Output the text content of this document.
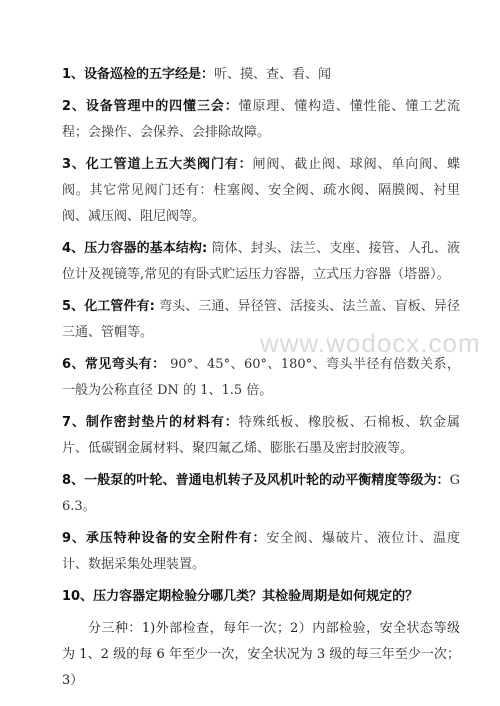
1、设备巡检的五字经是：听、摸、查、看、闻

2、设备管理中的四懂三会：懂原理、懂构造、懂性能、懂工艺流程；会操作、会保养、会排除故障。

3、化工管道上五大类阀门有：闸阀、截止阀、球阀、单向阀、蝶阀。其它常见阀门还有：柱塞阀、安全阀、疏水阀、隔膜阀、衬里阀、减压阀、阻尼阀等。

4、压力容器的基本结构: 筒体、封头、法兰、支座、接管、人孔、液位计及视镜等,常见的有卧式贮运压力容器，立式压力容器（塔器）。

5、化工管件有: 弯头、三通、异径管、活接头、法兰盖、盲板、异径三通、管帽等。

6、常见弯头有： 90°、45°、60°、180°、弯头半径有倍数关系，一般为公称直径 DN 的 1、1.5 倍。

7、制作密封垫片的材料有：特殊纸板、橡胶板、石棉板、软金属片、低碳钢金属材料、聚四氟乙烯、膨胀石墨及密封胶液等。

8、一般泵的叶轮、普通电机转子及风机叶轮的动平衡精度等级为：G6.3。

9、承压特种设备的安全附件有：安全阀、爆破片、液位计、温度计、数据采集处理装置。

10、压力容器定期检验分哪几类？其检验周期是如何规定的？

分三种：1)外部检查，每年一次；2）内部检验，安全状态等级为 1、2 级的每 6 年至少一次，安全状况为 3 级的每三年至少一次；3）

www.wodocx.com
